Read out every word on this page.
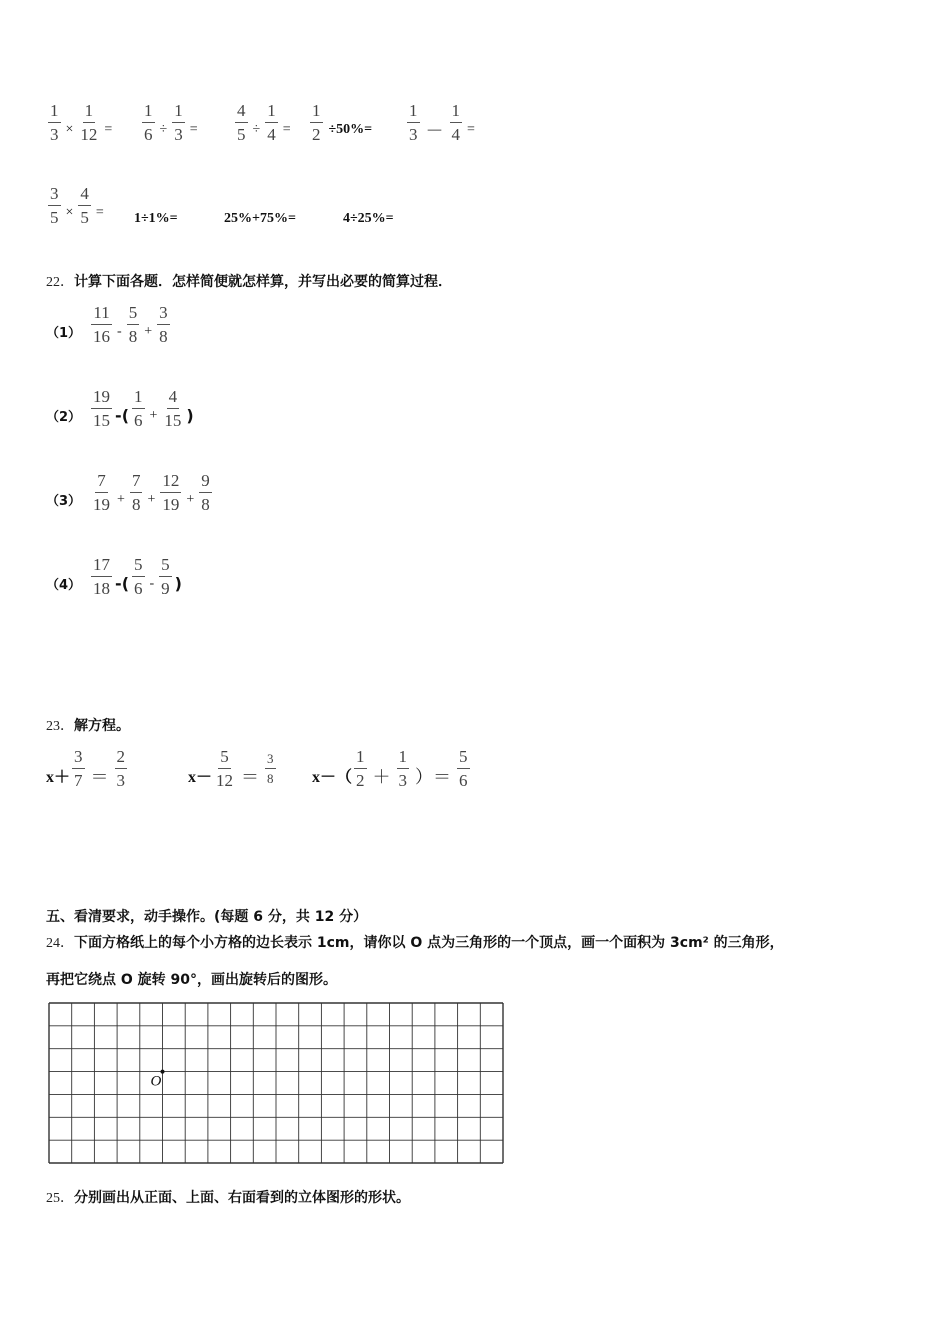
$\frac{1}{3} \times \frac{1}{12} = \frac{1}{6} \div \frac{1}{3} = \frac{4}{5} \div \frac{1}{4} = \frac{1}{2} \div 50\%= \frac{1}{3} - \frac{1}{4}$ =
$\frac{3}{5} \times \frac{4}{5} = 1\div 1\%=$	25%+75%=	4÷25%=
22．计算下面各题．怎样简便就怎样算，并写出必要的简算过程．
$(1) \frac{11}{16} - \frac{5}{8} + \frac{3}{8}$
$(2) \frac{19}{15}$ -( $\frac{1}{6} + \frac{4}{15}$ )
$(3) \frac{7}{19} + \frac{7}{8} + \frac{12}{19} + \frac{9}{8}$
$(4) \frac{17}{18}$ -( $\frac{5}{6} - \frac{5}{9}$ )
23．解方程。
$x+ \frac{3}{7} = \frac{2}{3}$	$x- \frac{5}{12} = \frac{3}{8} x-( \frac{1}{2} + \frac{1}{3}$ ）＝ $\frac{5}{6}$
五、看清要求，动手操作。(每题 6 分，共 12 分）
24．下面方格纸上的每个小方格的边长表示 1cm，请你以 O 点为三角形的一个顶点，画一个面积为 3cm² 的三角形，
再把它绕点 O 旋转 90°，画出旋转后的图形。
O
25．分别画出从正面、上面、右面看到的立体图形的形状。
